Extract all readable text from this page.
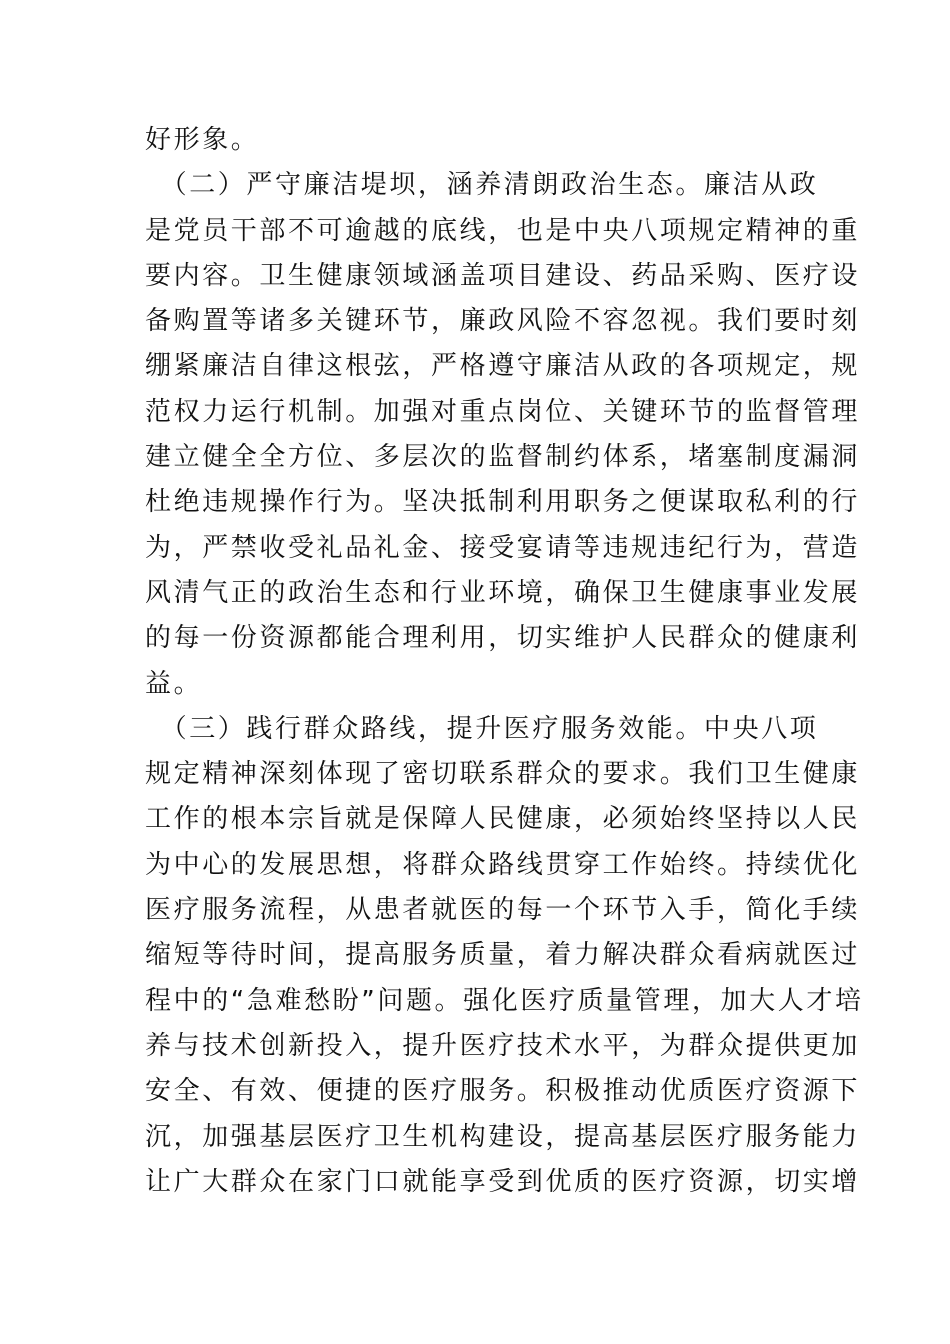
好形象。
　（二）严守廉洁堤坝，涵养清朗政治生态。廉洁从政
是党员干部不可逾越的底线，也是中央八项规定精神的重
要内容。卫生健康领域涵盖项目建设、药品采购、医疗设
备购置等诸多关键环节，廉政风险不容忽视。我们要时刻
绷紧廉洁自律这根弦，严格遵守廉洁从政的各项规定，规
范权力运行机制。加强对重点岗位、关键环节的监督管理
建立健全全方位、多层次的监督制约体系，堵塞制度漏洞
杜绝违规操作行为。坚决抵制利用职务之便谋取私利的行
为，严禁收受礼品礼金、接受宴请等违规违纪行为，营造
风清气正的政治生态和行业环境，确保卫生健康事业发展
的每一份资源都能合理利用，切实维护人民群众的健康利
益。
　（三）践行群众路线，提升医疗服务效能。中央八项
规定精神深刻体现了密切联系群众的要求。我们卫生健康
工作的根本宗旨就是保障人民健康，必须始终坚持以人民
为中心的发展思想，将群众路线贯穿工作始终。持续优化
医疗服务流程，从患者就医的每一个环节入手，简化手续
缩短等待时间，提高服务质量，着力解决群众看病就医过
程中的“急难愁盼”问题。强化医疗质量管理，加大人才培
养与技术创新投入，提升医疗技术水平，为群众提供更加
安全、有效、便捷的医疗服务。积极推动优质医疗资源下
沉，加强基层医疗卫生机构建设，提高基层医疗服务能力
让广大群众在家门口就能享受到优质的医疗资源，切实增
